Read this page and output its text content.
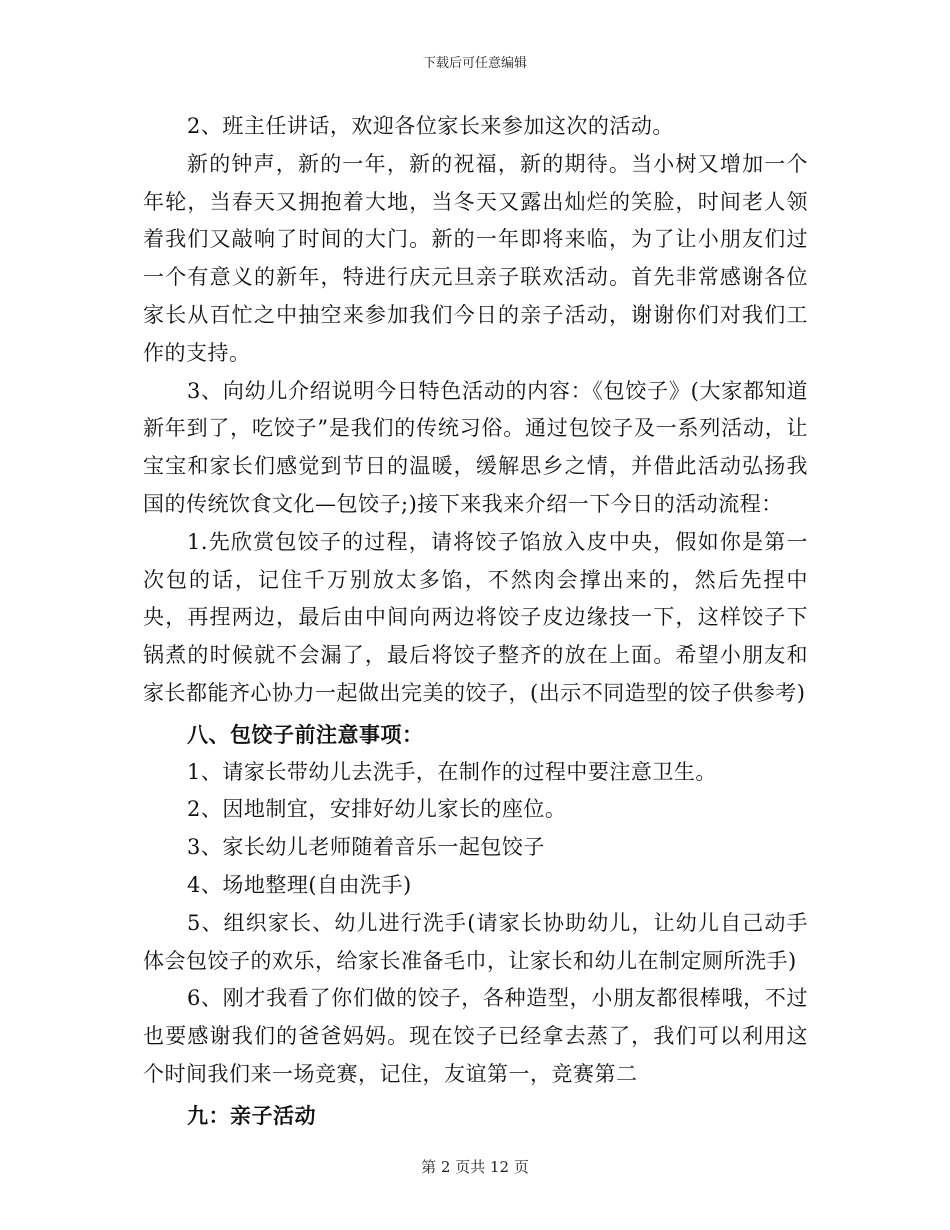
下载后可任意编辑

2、班主任讲话，欢迎各位家长来参加这次的活动。

新的钟声，新的一年，新的祝福，新的期待。当小树又增加一个年轮，当春天又拥抱着大地，当冬天又露出灿烂的笑脸，时间老人领着我们又敲响了时间的大门。新的一年即将来临，为了让小朋友们过一个有意义的新年，特进行庆元旦亲子联欢活动。首先非常感谢各位家长从百忙之中抽空来参加我们今日的亲子活动，谢谢你们对我们工作的支持。

3、向幼儿介绍说明今日特色活动的内容：《包饺子》(大家都知道新年到了，吃饺子”是我们的传统习俗。通过包饺子及一系列活动，让宝宝和家长们感觉到节日的温暖，缓解思乡之情，并借此活动弘扬我国的传统饮食文化—包饺子;)接下来我来介绍一下今日的活动流程：

1.先欣赏包饺子的过程，请将饺子馅放入皮中央，假如你是第一次包的话，记住千万别放太多馅，不然肉会撑出来的，然后先捏中央，再捏两边，最后由中间向两边将饺子皮边缘技一下，这样饺子下锅煮的时候就不会漏了，最后将饺子整齐的放在上面。希望小朋友和家长都能齐心协力一起做出完美的饺子，(出示不同造型的饺子供参考)

八、包饺子前注意事项：

1、请家长带幼儿去洗手，在制作的过程中要注意卫生。

2、因地制宜，安排好幼儿家长的座位。

3、家长幼儿老师随着音乐一起包饺子

4、场地整理(自由洗手)

5、组织家长、幼儿进行洗手(请家长协助幼儿，让幼儿自己动手体会包饺子的欢乐，给家长准备毛巾，让家长和幼儿在制定厕所洗手)

6、刚才我看了你们做的饺子，各种造型，小朋友都很棒哦，不过也要感谢我们的爸爸妈妈。现在饺子已经拿去蒸了，我们可以利用这个时间我们来一场竞赛，记住，友谊第一，竞赛第二

九：亲子活动

第 2 页共 12 页
